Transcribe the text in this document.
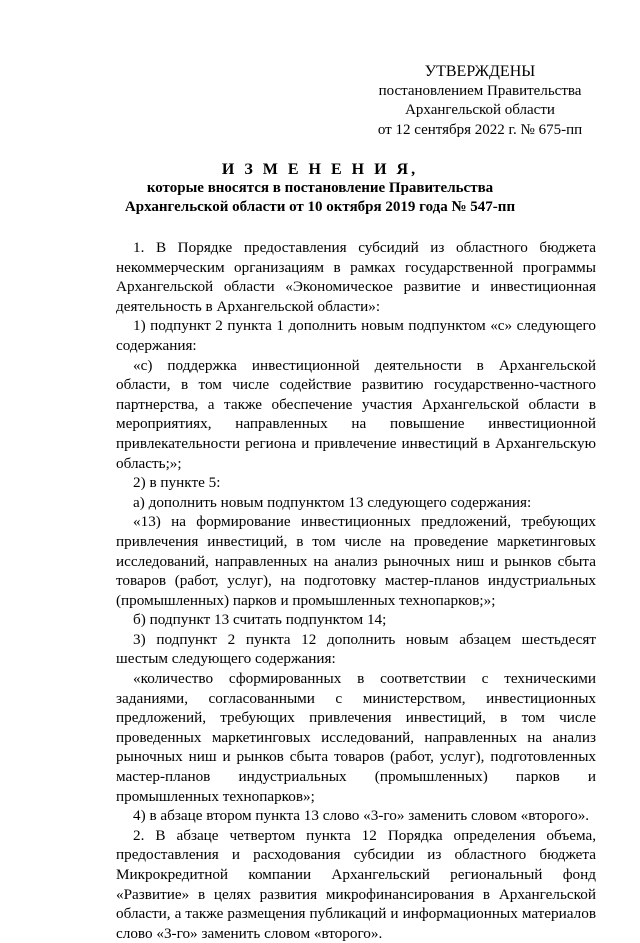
УТВЕРЖДЕНЫ
постановлением Правительства
Архангельской области
от 12 сентября 2022 г. № 675-пп
И З М Е Н Е Н И Я,
которые вносятся в постановление Правительства
Архангельской области от 10 октября 2019 года № 547-пп

1. В Порядке предоставления субсидий из областного бюджета некоммерческим организациям в рамках государственной программы Архангельской области «Экономическое развитие и инвестиционная деятельность в Архангельской области»:

1) подпункт 2 пункта 1 дополнить новым подпунктом «с» следующего содержания:

«с) поддержка инвестиционной деятельности в Архангельской области, в том числе содействие развитию государственно-частного партнерства, а также обеспечение участия Архангельской области в мероприятиях, направленных на повышение инвестиционной привлекательности региона и привлечение инвестиций в Архангельскую область;»;

2) в пункте 5:

а) дополнить новым подпунктом 13 следующего содержания:

«13) на формирование инвестиционных предложений, требующих привлечения инвестиций, в том числе на проведение маркетинговых исследований, направленных на анализ рыночных ниш и рынков сбыта товаров (работ, услуг), на подготовку мастер-планов индустриальных (промышленных) парков и промышленных технопарков;»;

б) подпункт 13 считать подпунктом 14;

3) подпункт 2 пункта 12 дополнить новым абзацем шестьдесят шестым следующего содержания:

«количество сформированных в соответствии с техническими заданиями, согласованными с министерством, инвестиционных предложений, требующих привлечения инвестиций, в том числе проведенных маркетинговых исследований, направленных на анализ рыночных ниш и рынков сбыта товаров (работ, услуг), подготовленных мастер-планов индустриальных (промышленных) парков и промышленных технопарков»;

4) в абзаце втором пункта 13 слово «3-го» заменить словом «второго».

2. В абзаце четвертом пункта 12 Порядка определения объема, предоставления и расходования субсидии из областного бюджета Микрокредитной компании Архангельский региональный фонд «Развитие» в целях развития микрофинансирования в Архангельской области, а также размещения публикаций и информационных материалов слово «3-го» заменить словом «второго».
